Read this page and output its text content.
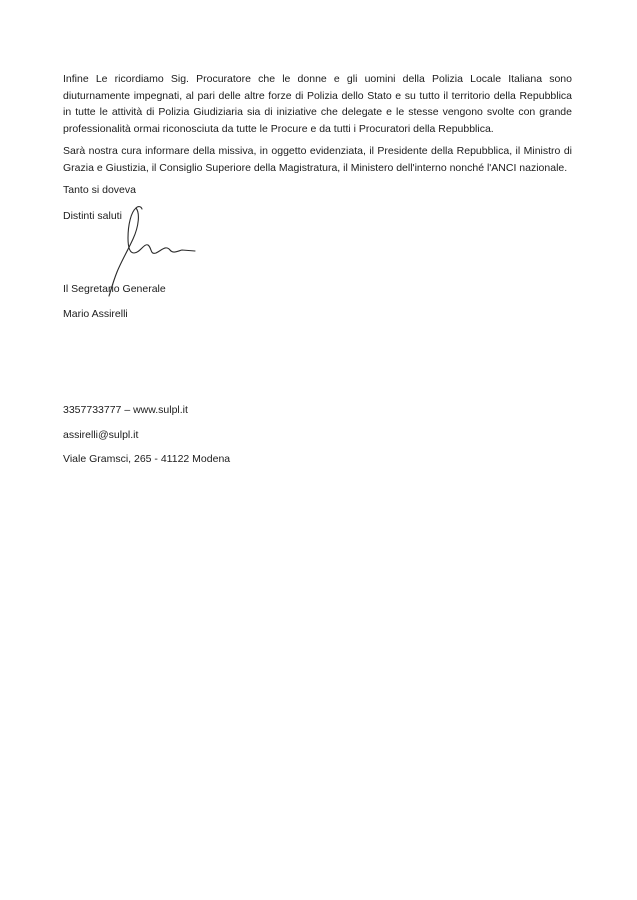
Infine Le ricordiamo Sig. Procuratore che le donne e gli uomini della Polizia Locale Italiana sono
diuturnamente impegnati, al pari delle altre forze di Polizia dello Stato e su tutto il territorio della Repubblica
in tutte le attività di Polizia Giudiziaria sia di iniziative che delegate e le stesse vengono svolte con grande
professionalità ormai riconosciuta da tutte le Procure e da tutti i Procuratori della Repubblica.
Sarà nostra cura informare della missiva, in oggetto evidenziata, il Presidente della Repubblica, il Ministro di
Grazia e Giustizia, il Consiglio Superiore della Magistratura, il Ministero dell'interno nonché l'ANCI nazionale.
Tanto si doveva
Distinti saluti
Il Segretario Generale
Mario Assirelli
3357733777 – www.sulpl.it
assirelli@sulpl.it
Viale Gramsci, 265 - 41122 Modena
